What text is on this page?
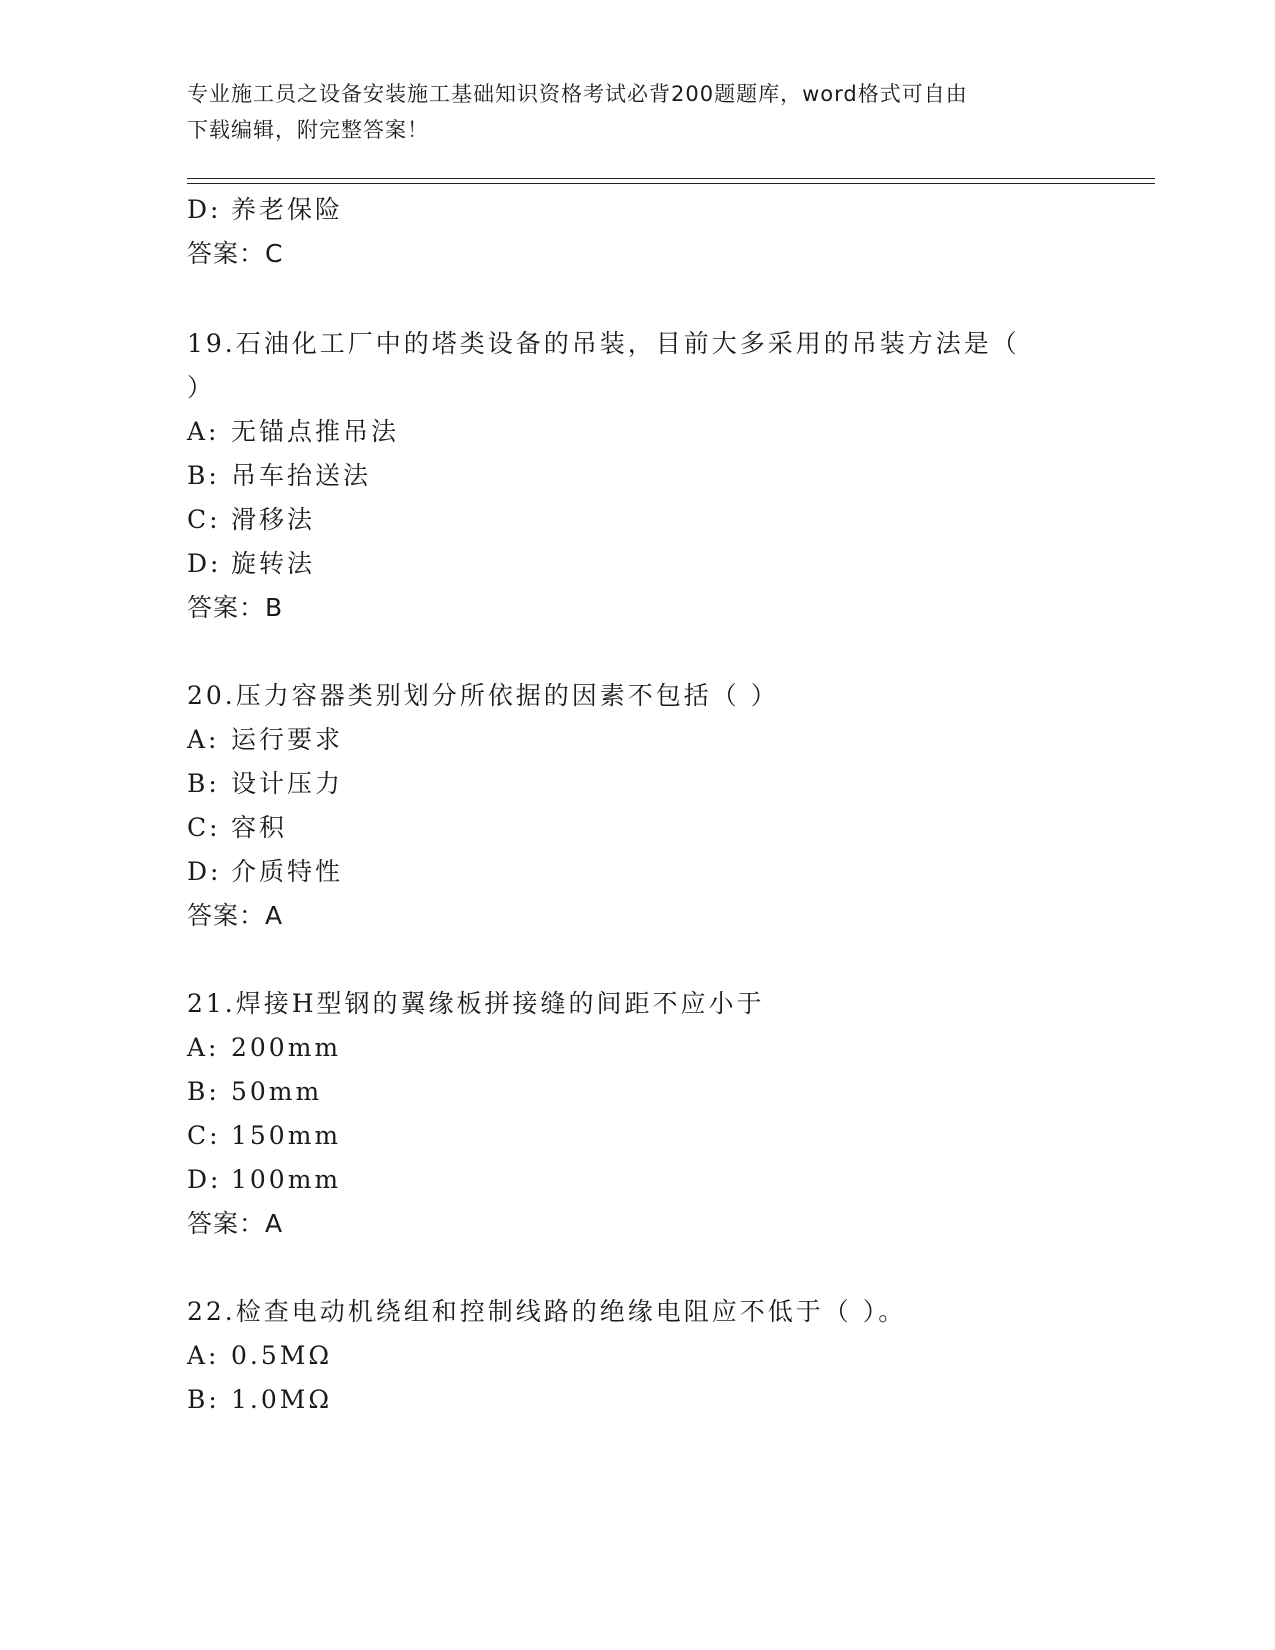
专业施工员之设备安装施工基础知识资格考试必背200题题库，word格式可自由
下载编辑，附完整答案！
D: 养老保险
答案：C
19.石油化工厂中的塔类设备的吊装，目前大多采用的吊装方法是（
）
A: 无锚点推吊法
B: 吊车抬送法
C: 滑移法
D: 旋转法
答案：B
20.压力容器类别划分所依据的因素不包括（ ）
A: 运行要求
B: 设计压力
C: 容积
D: 介质特性
答案：A
21.焊接H型钢的翼缘板拼接缝的间距不应小于
A: 200mm
B: 50mm
C: 150mm
D: 100mm
答案：A
22.检查电动机绕组和控制线路的绝缘电阻应不低于（ ）。
A: 0.5MΩ
B: 1.0MΩ
